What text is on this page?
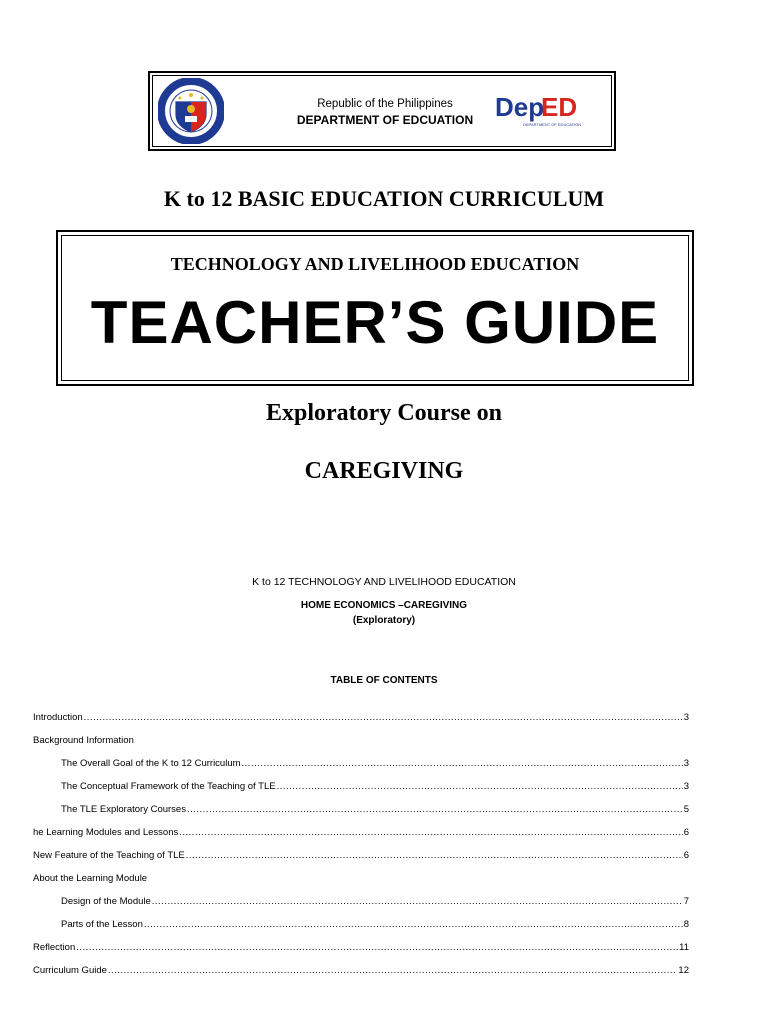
Republic of the Philippines
DEPARTMENT OF EDCUATION Dep
ED
DEPARTMENT OF EDUCATION
K to 12 BASIC EDUCATION CURRICULUM
TECHNOLOGY AND LIVELIHOOD EDUCATION
TEACHER’S GUIDE
Exploratory Course on
CAREGIVING
K to 12 TECHNOLOGY AND LIVELIHOOD EDUCATION
HOME ECONOMICS –CAREGIVING
(Exploratory)
TABLE OF CONTENTS
Introduction .....	3
Background Information
The Overall Goal of the K to 12 Curriculum .....	3
The Conceptual Framework of the Teaching of TLE .....	3
The TLE Exploratory Courses .....	5
he Learning Modules and Lessons .....	6
New Feature of the Teaching of TLE .....	6
About the Learning Module
Design of the Module .....	7
Parts of the Lesson .....	8
Reflection .....	11
Curriculum Guide .....	12
